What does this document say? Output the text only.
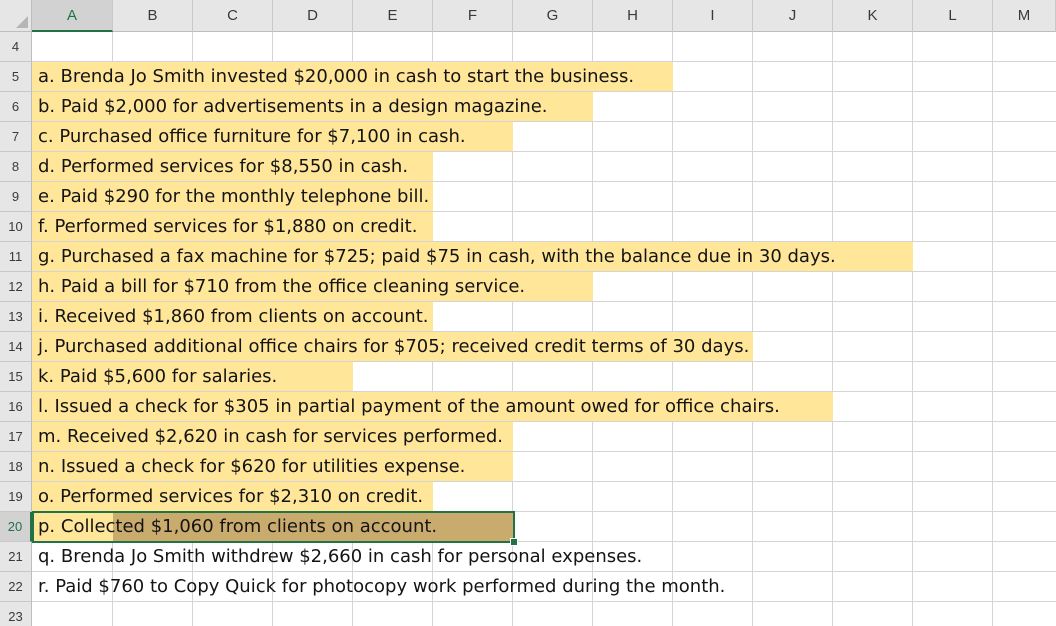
a. Brenda Jo Smith invested $20,000 in cash to start the business.
b. Paid $2,000 for advertisements in a design magazine.
c. Purchased office furniture for $7,100 in cash.
d. Performed services for $8,550 in cash.
e. Paid $290 for the monthly telephone bill.
f. Performed services for $1,880 on credit.
g. Purchased a fax machine for $725; paid $75 in cash, with the balance due in 30 days.
h. Paid a bill for $710 from the office cleaning service.
i. Received $1,860 from clients on account.
j. Purchased additional office chairs for $705; received credit terms of 30 days.
k. Paid $5,600 for salaries.
l. Issued a check for $305 in partial payment of the amount owed for office chairs.
m. Received $2,620 in cash for services performed.
n. Issued a check for $620 for utilities expense.
o. Performed services for $2,310 on credit.
p. Collected $1,060 from clients on account.
q. Brenda Jo Smith withdrew $2,660 in cash for personal expenses.
r. Paid $760 to Copy Quick for photocopy work performed during the month.
A	B	C	D	E	F	G	H	I	J	K	L	M
4
5
6
7
8
9
10
11
12
13
14
15
16
17
18
19
20
21
22
23
